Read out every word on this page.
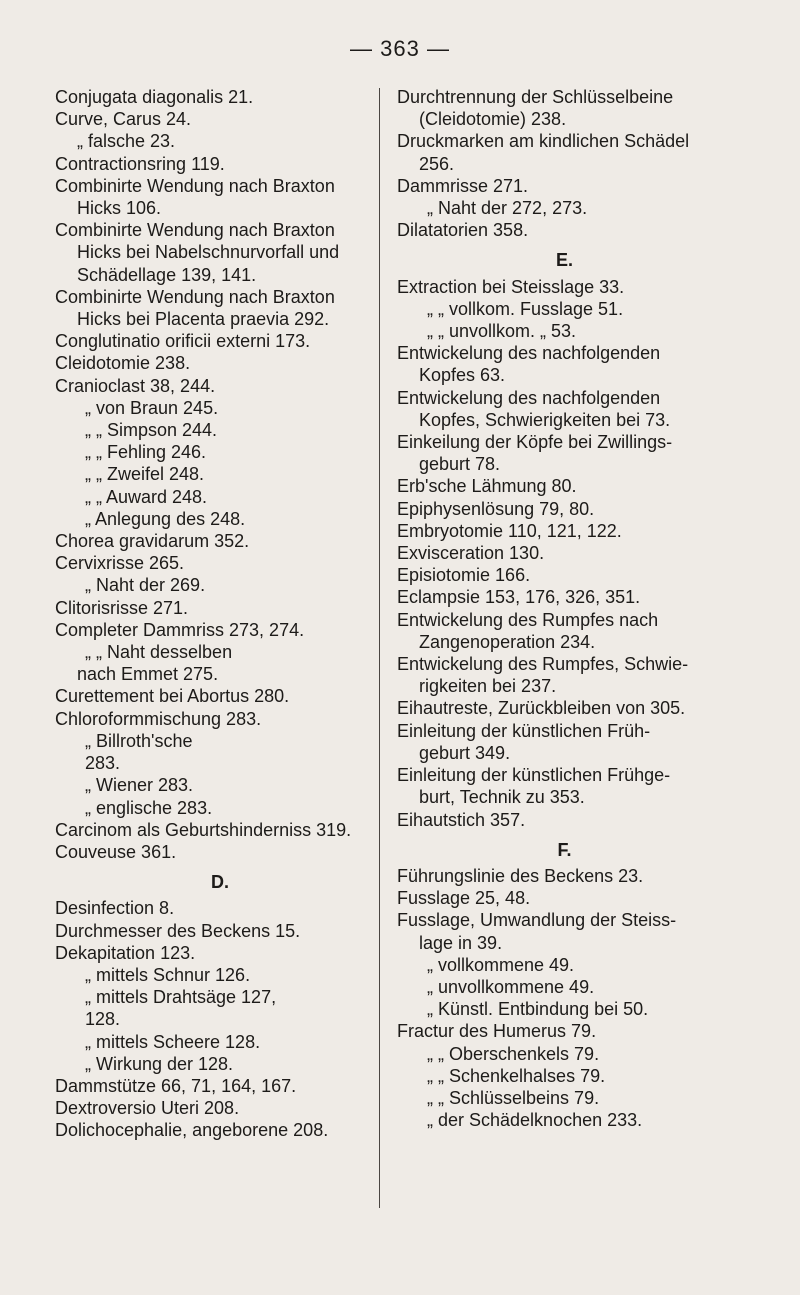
— 363 —
Conjugata diagonalis 21.
Curve, Carus 24.
„ falsche 23.
Contractionsring 119.
Combinirte Wendung nach Braxton
Hicks 106.
Combinirte Wendung nach Braxton
Hicks bei Nabelschnurvorfall und
Schädellage 139, 141.
Combinirte Wendung nach Braxton
Hicks bei Placenta praevia 292.
Conglutinatio orificii externi 173.
Cleidotomie 238.
Cranioclast 38, 244.
„ von Braun 245.
„ „ Simpson 244.
„ „ Fehling 246.
„ „ Zweifel 248.
„ „ Auward 248.
„ Anlegung des 248.
Chorea gravidarum 352.
Cervixrisse 265.
„ Naht der 269.
Clitorisrisse 271.
Completer Dammriss 273, 274.
„ „ Naht desselben
nach Emmet 275.
Curettement bei Abortus 280.
Chloroformmischung 283.
„ Billroth'sche
283.
„ Wiener 283.
„ englische 283.
Carcinom als Geburtshinderniss 319.
Couveuse 361.
D.
Desinfection 8.
Durchmesser des Beckens 15.
Dekapitation 123.
„ mittels Schnur 126.
„ mittels Drahtsäge 127,
128.
„ mittels Scheere 128.
„ Wirkung der 128.
Dammstütze 66, 71, 164, 167.
Dextroversio Uteri 208.
Dolichocephalie, angeborene 208.
Durchtrennung der Schlüsselbeine
(Cleidotomie) 238.
Druckmarken am kindlichen Schädel
256.
Dammrisse 271.
„ Naht der 272, 273.
Dilatatorien 358.
E.
Extraction bei Steisslage 33.
„ „ vollkom. Fusslage 51.
„ „ unvollkom. „ 53.
Entwickelung des nachfolgenden
Kopfes 63.
Entwickelung des nachfolgenden
Kopfes, Schwierigkeiten bei 73.
Einkeilung der Köpfe bei Zwillings-
geburt 78.
Erb'sche Lähmung 80.
Epiphysenlösung 79, 80.
Embryotomie 110, 121, 122.
Exvisceration 130.
Episiotomie 166.
Eclampsie 153, 176, 326, 351.
Entwickelung des Rumpfes nach
Zangenoperation 234.
Entwickelung des Rumpfes, Schwie-
rigkeiten bei 237.
Eihautreste, Zurückbleiben von 305.
Einleitung der künstlichen Früh-
geburt 349.
Einleitung der künstlichen Frühge-
burt, Technik zu 353.
Eihautstich 357.
F.
Führungslinie des Beckens 23.
Fusslage 25, 48.
Fusslage, Umwandlung der Steiss-
lage in 39.
„ vollkommene 49.
„ unvollkommene 49.
„ Künstl. Entbindung bei 50.
Fractur des Humerus 79.
„ „ Oberschenkels 79.
„ „ Schenkelhalses 79.
„ „ Schlüsselbeins 79.
„ der Schädelknochen 233.
